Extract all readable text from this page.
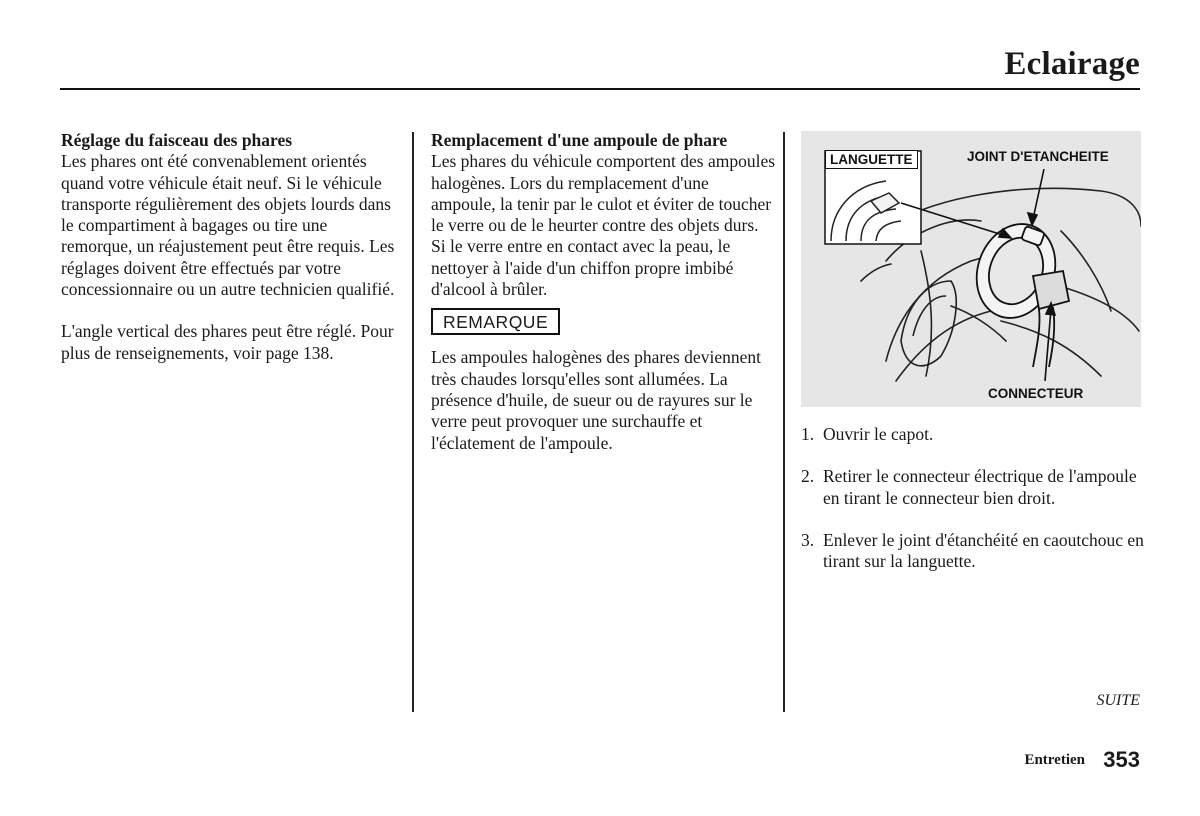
Eclairage
Réglage du faisceau des phares

Les phares ont été convenablement orientés quand votre véhicule était neuf. Si le véhicule transporte régulièrement des objets lourds dans le compartiment à bagages ou tire une remorque, un réajustement peut être requis. Les réglages doivent être effectués par votre concessionnaire ou un autre technicien qualifié.

L'angle vertical des phares peut être réglé. Pour plus de renseignements, voir page 138.

Remplacement d'une ampoule de phare

Les phares du véhicule comportent des ampoules halogènes. Lors du remplacement d'une ampoule, la tenir par le culot et éviter de toucher le verre ou de le heurter contre des objets durs. Si le verre entre en contact avec la peau, le nettoyer à l'aide d'un chiffon propre imbibé d'alcool à brûler.

REMARQUE

Les ampoules halogènes des phares deviennent très chaudes lorsqu'elles sont allumées. La présence d'huile, de sueur ou de rayures sur le verre peut provoquer une surchauffe et l'éclatement de l'ampoule.

LANGUETTE	JOINT D'ETANCHEITE
CONNECTEUR
1. Ouvrir le capot.
2. Retirer le connecteur électrique de l'ampoule en tirant le connecteur bien droit.
3. Enlever le joint d'étanchéité en caoutchouc en tirant sur la languette.
SUITE
Entretien 353
